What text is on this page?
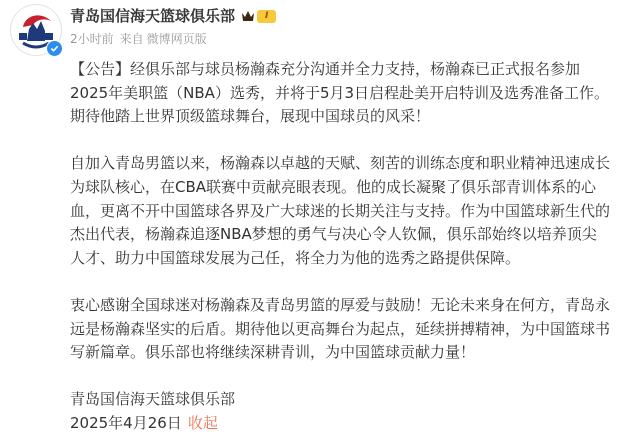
青岛国信海天篮球俱乐部	I
2小时前 来自 微博网页版
【公告】经俱乐部与球员杨瀚森充分沟通并全力支持，杨瀚森已正式报名参加
2025年美职篮（NBA）选秀，并将于5月3日启程赴美开启特训及选秀准备工作。
期待他踏上世界顶级篮球舞台，展现中国球员的风采！
自加入青岛男篮以来，杨瀚森以卓越的天赋、刻苦的训练态度和职业精神迅速成长
为球队核心，在CBA联赛中贡献亮眼表现。他的成长凝聚了俱乐部青训体系的心
血，更离不开中国篮球各界及广大球迷的长期关注与支持。作为中国篮球新生代的
杰出代表，杨瀚森追逐NBA梦想的勇气与决心令人钦佩，俱乐部始终以培养顶尖
人才、助力中国篮球发展为己任，将全力为他的选秀之路提供保障。
衷心感谢全国球迷对杨瀚森及青岛男篮的厚爱与鼓励！无论未来身在何方，青岛永
远是杨瀚森坚实的后盾。期待他以更高舞台为起点，延续拼搏精神，为中国篮球书
写新篇章。俱乐部也将继续深耕青训，为中国篮球贡献力量！
青岛国信海天篮球俱乐部
2025年4月26日 收起
